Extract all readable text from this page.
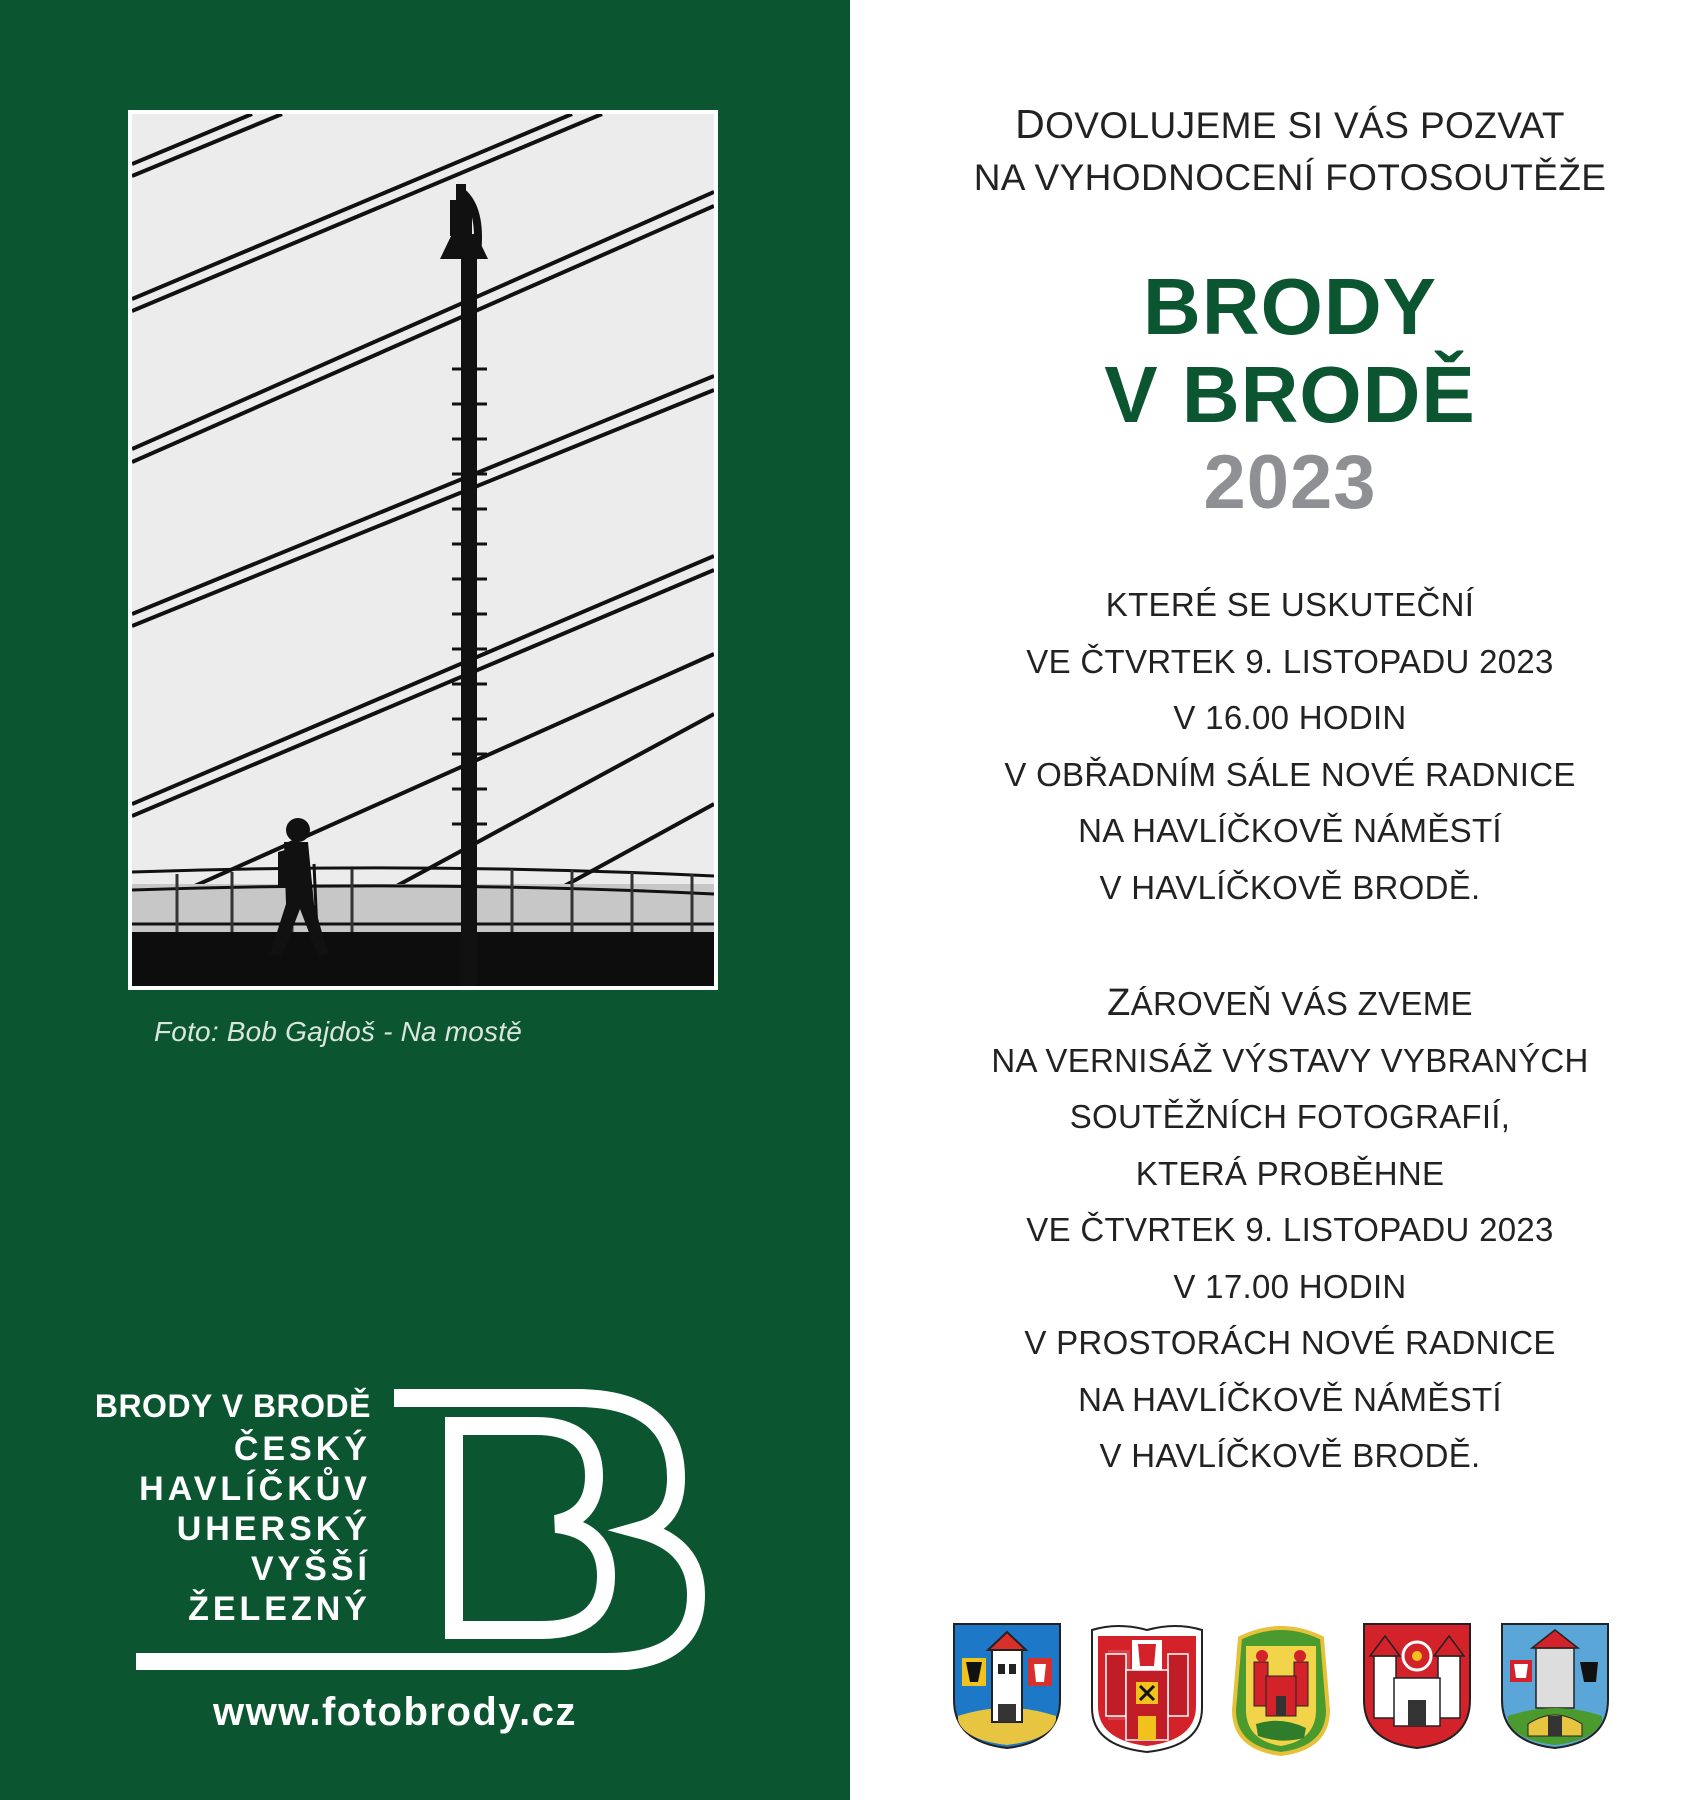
Foto: Bob Gajdoš - Na mostě
BRODY V BRODĚ
ČESKÝ
HAVLÍČKŮV
UHERSKÝ
VYŠŠÍ
ŽELEZNÝ
www.fotobrody.cz
DOVOLUJEME SI VÁS POZVAT
NA VYHODNOCENÍ FOTOSOUTĚŽE
BRODY
V BRODĚ
2023
KTERÉ SE USKUTEČNÍ
VE ČTVRTEK 9. LISTOPADU 2023
V 16.00 HODIN
V OBŘADNÍM SÁLE NOVÉ RADNICE
NA HAVLÍČKOVĚ NÁMĚSTÍ
V HAVLÍČKOVĚ BRODĚ.
ZÁROVEŇ VÁS ZVEME
NA VERNISÁŽ VÝSTAVY VYBRANÝCH
SOUTĚŽNÍCH FOTOGRAFIÍ,
KTERÁ PROBĚHNE
VE ČTVRTEK 9. LISTOPADU 2023
V 17.00 HODIN
V PROSTORÁCH NOVÉ RADNICE
NA HAVLÍČKOVĚ NÁMĚSTÍ
V HAVLÍČKOVĚ BRODĚ.
